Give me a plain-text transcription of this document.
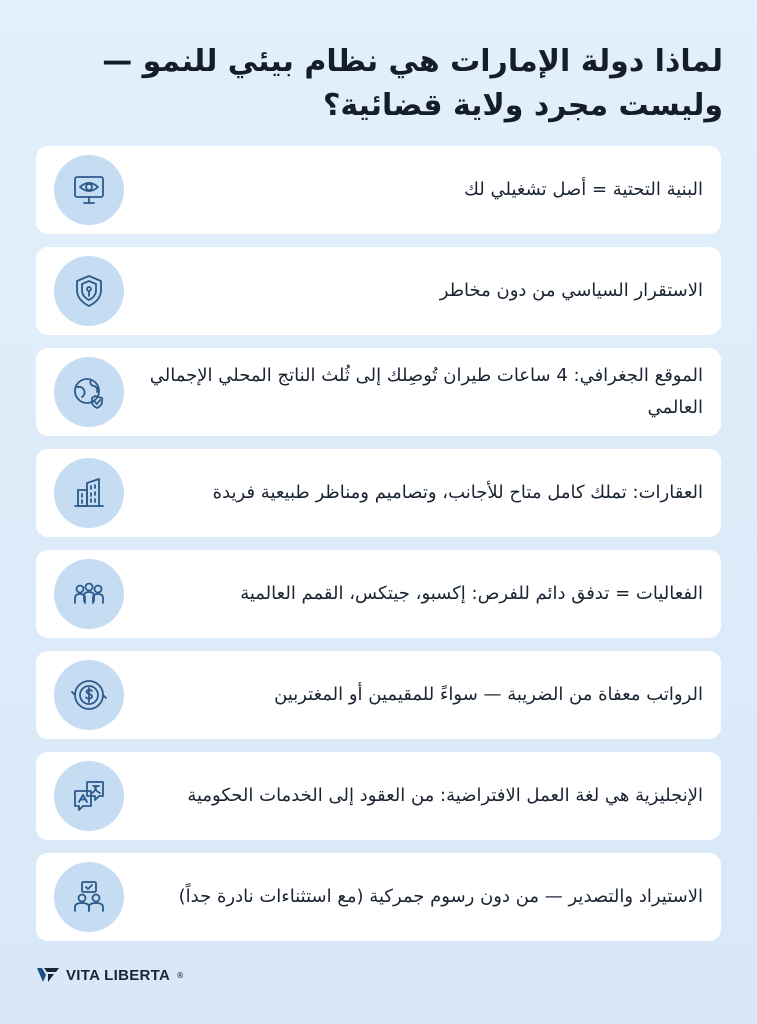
لماذا دولة الإمارات هي نظام بيئي للنمو — وليست مجرد ولاية قضائية؟
البنية التحتية = أصل تشغيلي لك
الاستقرار السياسي من دون مخاطر
الموقع الجغرافي: 4 ساعات طيران تُوصِلك إلى ثُلث الناتج المحلي الإجمالي العالمي
العقارات: تملك كامل متاح للأجانب، وتصاميم ومناظر طبيعية فريدة
الفعاليات = تدفق دائم للفرص: إكسبو، جيتكس، القمم العالمية
الرواتب معفاة من الضريبة — سواءً للمقيمين أو المغتربين
الإنجليزية هي لغة العمل الافتراضية: من العقود إلى الخدمات الحكومية
الاستيراد والتصدير — من دون رسوم جمركية (مع استثناءات نادرة جداً)
VITA LIBERTA ®
